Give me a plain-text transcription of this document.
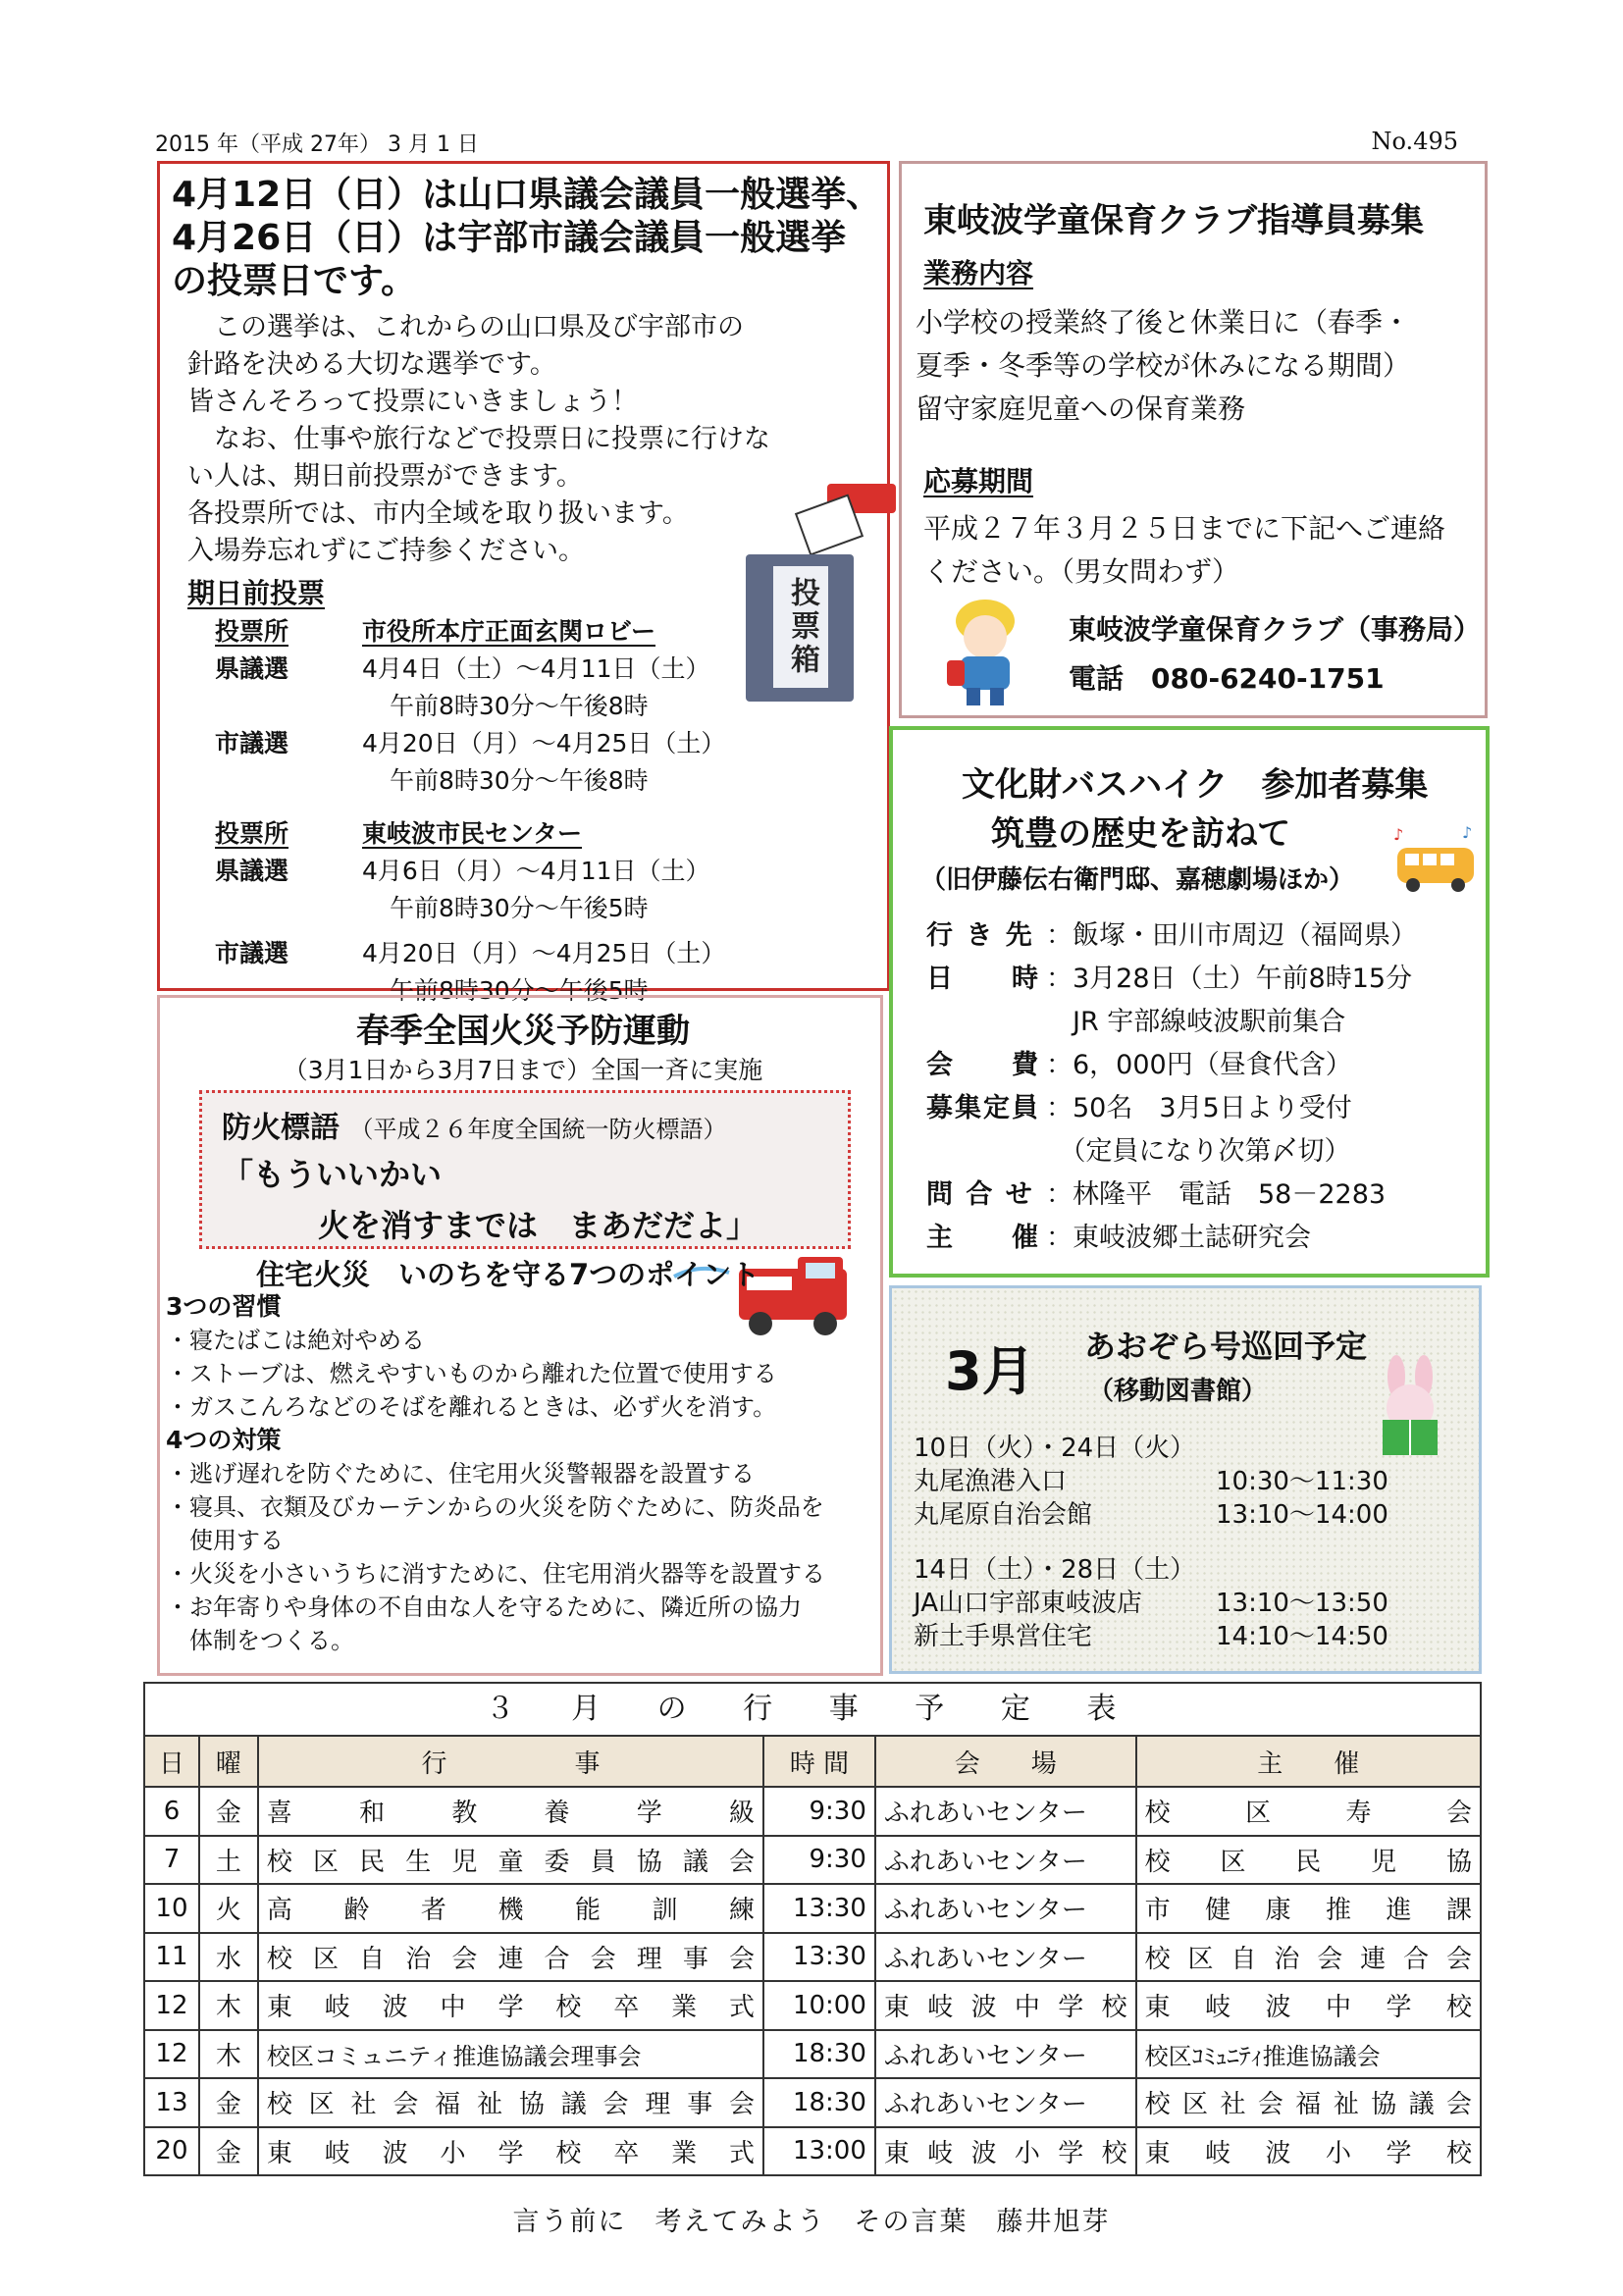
2015 年（平成 27年） 3 月 1 日	No.495
4月12日（日）は山口県議会議員一般選挙、
4月26日（日）は宇部市議会議員一般選挙
の投票日です。
　この選挙は、これからの山口県及び宇部市の
針路を決める大切な選挙です。
皆さんそろって投票にいきましょう！
　なお、仕事や旅行などで投票日に投票に行けな
い人は、期日前投票ができます。
各投票所では、市内全域を取り扱います。
入場券忘れずにご持参ください。
投票箱
期日前投票
投票所	市役所本庁正面玄関ロビー
県議選	4月4日（土）～4月11日（土）
午前8時30分～午後8時
市議選	4月20日（月）～4月25日（土）
午前8時30分～午後8時
投票所	東岐波市民センター
県議選	4月6日（月）～4月11日（土）
午前8時30分～午後5時
市議選	4月20日（月）～4月25日（土）
午前8時30分～午後5時
東岐波学童保育クラブ指導員募集
業務内容
小学校の授業終了後と休業日に（春季・
夏季・冬季等の学校が休みになる期間）
留守家庭児童への保育業務
応募期間
平成２７年３月２５日までに下記へご連絡
ください。（男女問わず）
東岐波学童保育クラブ（事務局）
電話　080-6240-1751
文化財バスハイク　参加者募集
筑豊の歴史を訪ねて
（旧伊藤伝右衛門邸、嘉穂劇場ほか）
♪	♪
行 き 先 ：飯塚・田川市周辺（福岡県）
日　　時 ：3月28日（土）午前8時15分
　JR 宇部線岐波駅前集合
会　　費 ：6，000円（昼食代含）
募集定員 ：50名　3月5日より受付
　（定員になり次第〆切）
問 合 せ ：林隆平　電話　58－2283
主　　催 ：東岐波郷土誌研究会
3月 あおぞら号巡回予定
（移動図書館）
10日（火）・24日（火）
丸尾漁港入口	10:30～11:30
丸尾原自治会館	13:10～14:00
14日（土）・28日（土）
JA山口宇部東岐波店	13:10～13:50
新土手県営住宅	14:10～14:50
春季全国火災予防運動
（3月1日から3月7日まで）全国一斉に実施
防火標語 （平成２６年度全国統一防火標語）
「もういいかい
火を消すまでは　まあだだよ」
住宅火災　いのちを守る7つのポイント
3つの習慣
・寝たばこは絶対やめる
・ストーブは、燃えやすいものから離れた位置で使用する
・ガスこんろなどのそばを離れるときは、必ず火を消す。
4つの対策
・逃げ遅れを防ぐために、住宅用火災警報器を設置する
・寝具、衣類及びカーテンからの火災を防ぐために、防炎品を
　使用する
・火災を小さいうちに消すために、住宅用消火器等を設置する
・お年寄りや身体の不自由な人を守るために、隣近所の協力
　体制をつくる。
３ 月 の 行 事 予 定 表
日	曜	行　　　　　事	時 間	会　　場	主　　催
6	金	喜和教養学級	9:30	ふれあいセンター	校区寿会
7	土	校区民生児童委員協議会	9:30	ふれあいセンター	校区民児協
10	火	高齢者機能訓練	13:30	ふれあいセンター	市健康推進課
11	水	校区自治会連合会理事会	13:30	ふれあいセンター	校区自治会連合会
12	木	東岐波中学校卒業式	10:00	東岐波中学校	東岐波中学校
12	木	校区コミュニティ推進協議会理事会	18:30	ふれあいセンター	校区ｺﾐｭﾆﾃｨ推進協議会
13	金	校区社会福祉協議会理事会	18:30	ふれあいセンター	校区社会福祉協議会
20	金	東岐波小学校卒業式	13:00	東岐波小学校	東岐波小学校
言う前に　考えてみよう　その言葉　藤井旭芽
